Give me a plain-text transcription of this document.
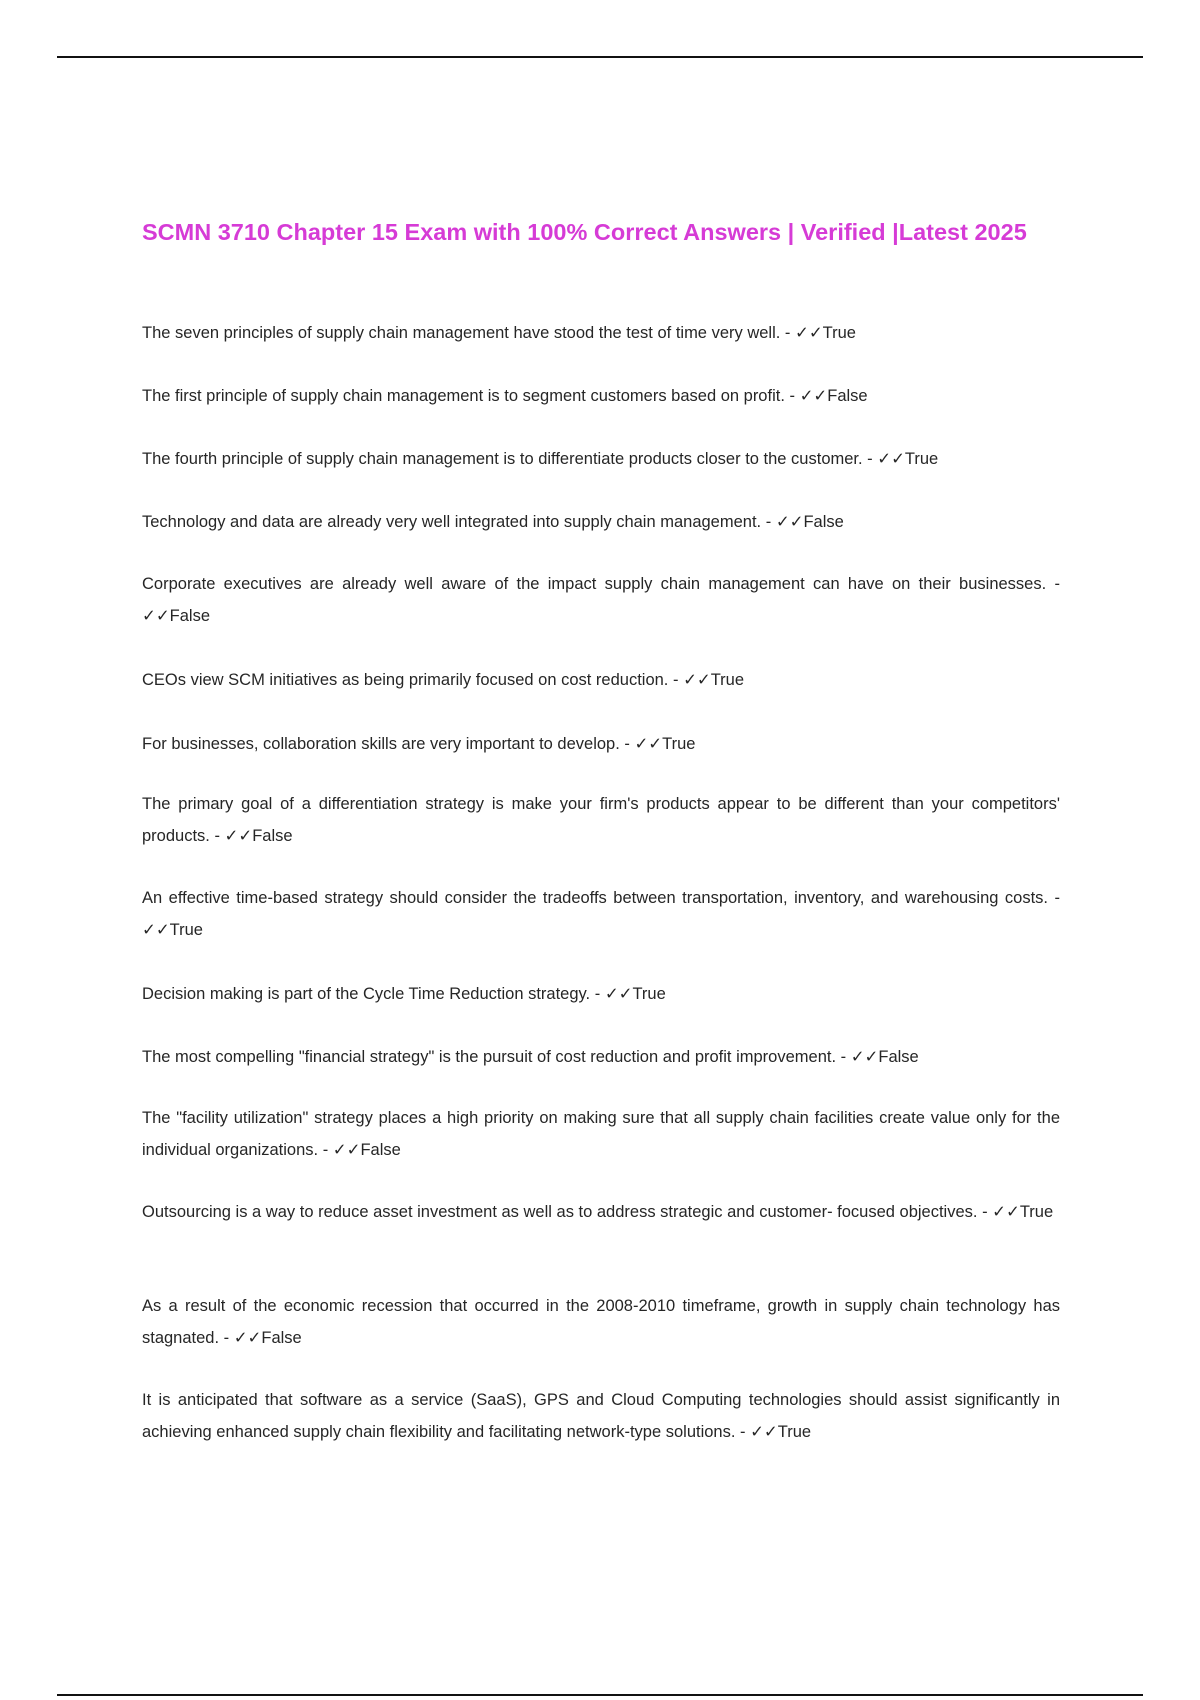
SCMN 3710 Chapter 15 Exam with 100% Correct Answers | Verified |Latest 2025
The seven principles of supply chain management have stood the test of time very well. - ✓✓True
The first principle of supply chain management is to segment customers based on profit. - ✓✓False
The fourth principle of supply chain management is to differentiate products closer to the customer. - ✓✓True
Technology and data are already very well integrated into supply chain management. - ✓✓False
Corporate executives are already well aware of the impact supply chain management can have on their businesses. - ✓✓False
CEOs view SCM initiatives as being primarily focused on cost reduction. - ✓✓True
For businesses, collaboration skills are very important to develop. - ✓✓True
The primary goal of a differentiation strategy is make your firm's products appear to be different than your competitors' products. - ✓✓False
An effective time-based strategy should consider the tradeoffs between transportation, inventory, and warehousing costs. - ✓✓True
Decision making is part of the Cycle Time Reduction strategy. - ✓✓True
The most compelling "financial strategy" is the pursuit of cost reduction and profit improvement. - ✓✓False
The "facility utilization" strategy places a high priority on making sure that all supply chain facilities create value only for the individual organizations. - ✓✓False
Outsourcing is a way to reduce asset investment as well as to address strategic and customer- focused objectives. - ✓✓True
As a result of the economic recession that occurred in the 2008-2010 timeframe, growth in supply chain technology has stagnated. - ✓✓False
It is anticipated that software as a service (SaaS), GPS and Cloud Computing technologies should assist significantly in achieving enhanced supply chain flexibility and facilitating network-type solutions. - ✓✓True
